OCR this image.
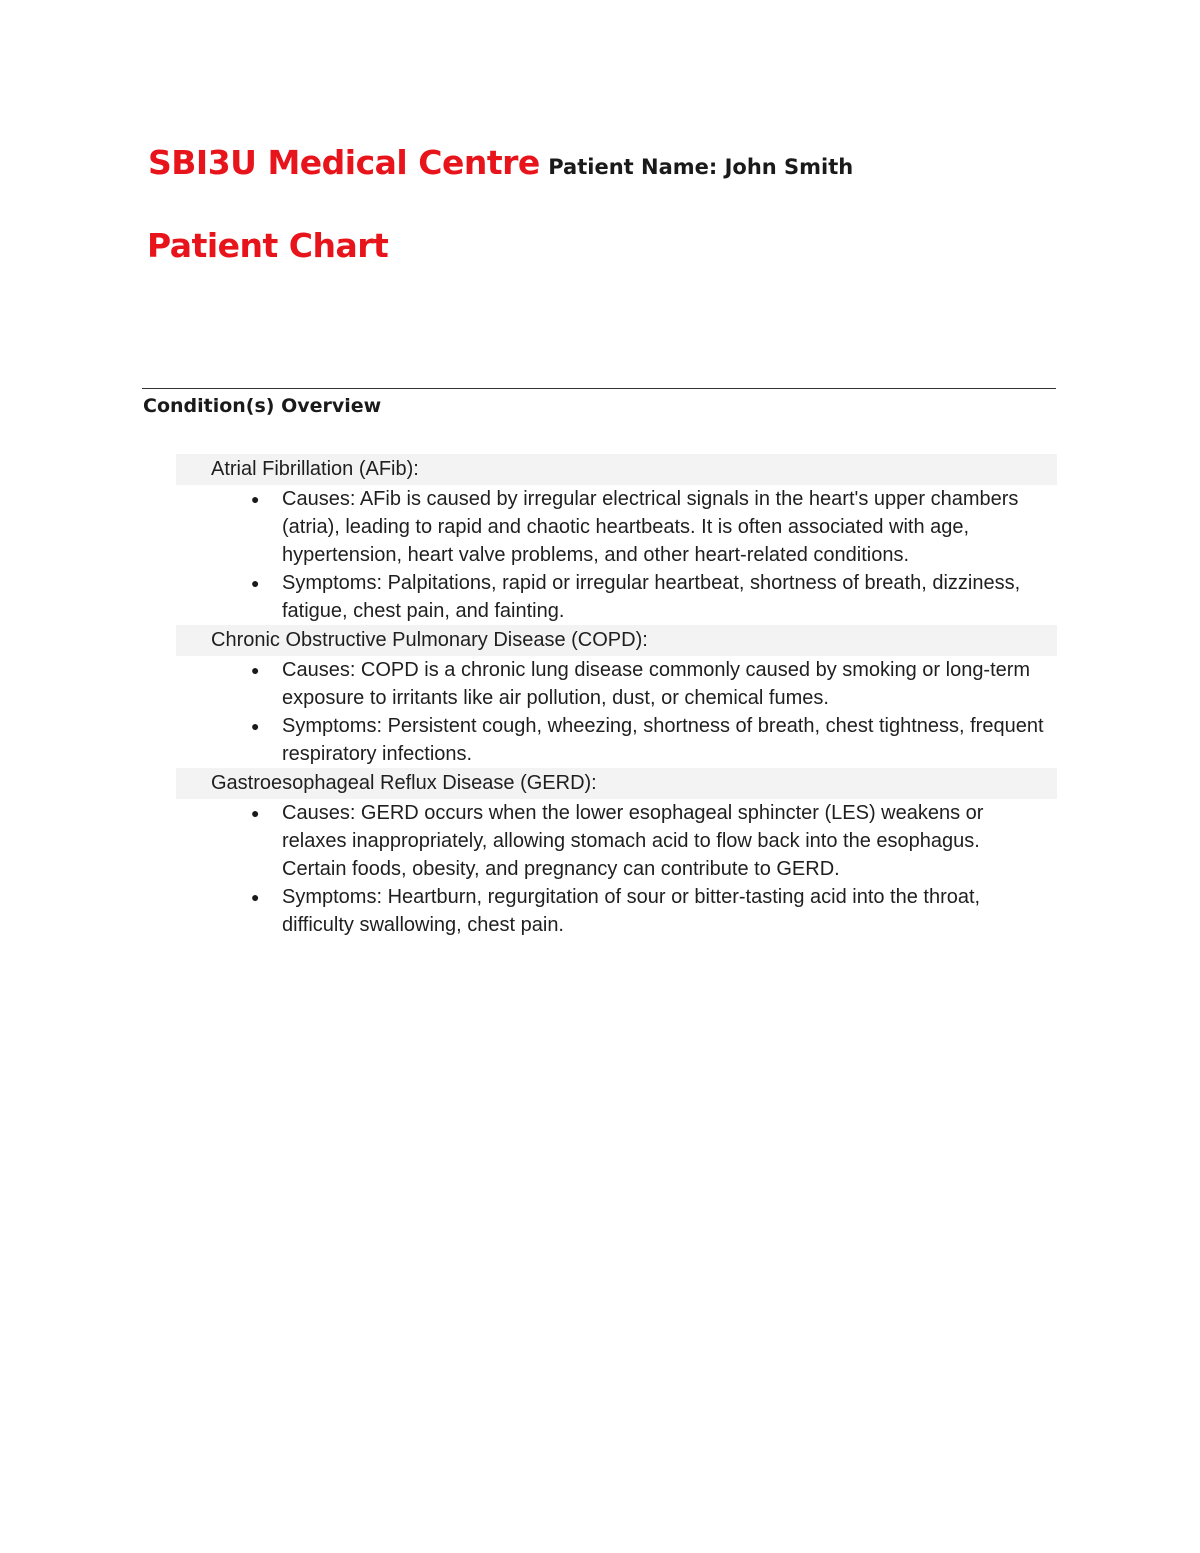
SBI3U Medical Centre Patient Name: John Smith
Patient Chart
Condition(s) Overview
Atrial Fibrillation (AFib):
● Causes: AFib is caused by irregular electrical signals in the heart's upper chambers (atria), leading to rapid and chaotic heartbeats. It is often associated with age, hypertension, heart valve problems, and other heart-related conditions.
● Symptoms: Palpitations, rapid or irregular heartbeat, shortness of breath, dizziness, fatigue, chest pain, and fainting.
Chronic Obstructive Pulmonary Disease (COPD):
● Causes: COPD is a chronic lung disease commonly caused by smoking or long-term exposure to irritants like air pollution, dust, or chemical fumes.
● Symptoms: Persistent cough, wheezing, shortness of breath, chest tightness, frequent respiratory infections.
Gastroesophageal Reflux Disease (GERD):
● Causes: GERD occurs when the lower esophageal sphincter (LES) weakens or relaxes inappropriately, allowing stomach acid to flow back into the esophagus. Certain foods, obesity, and pregnancy can contribute to GERD.
● Symptoms: Heartburn, regurgitation of sour or bitter-tasting acid into the throat, difficulty swallowing, chest pain.
